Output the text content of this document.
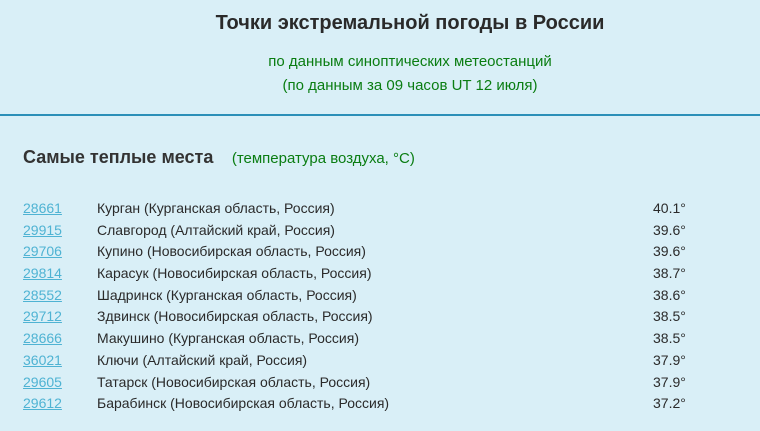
Точки экстремальной погоды в России
по данным синоптических метеостанций
(по данным за 09 часов UT 12 июля)
Самые теплые места (температура воздуха, °С)
28661	Курган (Курганская область, Россия)	40.1°
29915	Славгород (Алтайский край, Россия)	39.6°
29706	Купино (Новосибирская область, Россия)	39.6°
29814	Карасук (Новосибирская область, Россия)	38.7°
28552	Шадринск (Курганская область, Россия)	38.6°
29712	Здвинск (Новосибирская область, Россия)	38.5°
28666	Макушино (Курганская область, Россия)	38.5°
36021	Ключи (Алтайский край, Россия)	37.9°
29605	Татарск (Новосибирская область, Россия)	37.9°
29612	Барабинск (Новосибирская область, Россия)	37.2°
